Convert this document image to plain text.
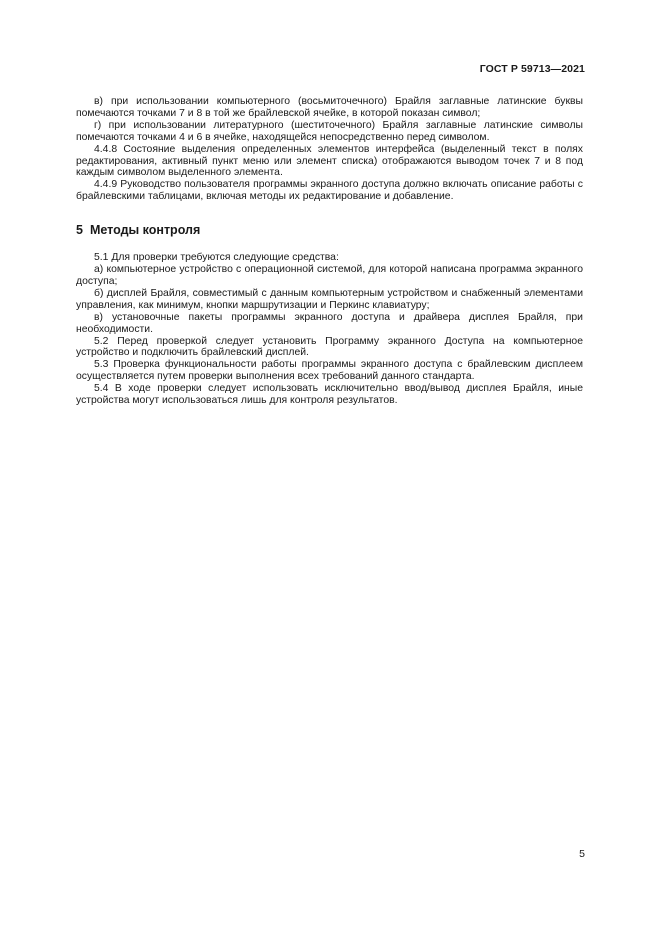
ГОСТ Р 59713—2021

в) при использовании компьютерного (восьмиточечного) Брайля заглавные латинские буквы помечаются точками 7 и 8 в той же брайлевской ячейке, в которой показан символ;

г) при использовании литературного (шеститочечного) Брайля заглавные латинские символы помечаются точками 4 и 6 в ячейке, находящейся непосредственно перед символом.

4.4.8 Состояние выделения определенных элементов интерфейса (выделенный текст в полях редактирования, активный пункт меню или элемент списка) отображаются выводом точек 7 и 8 под каждым символом выделенного элемента.

4.4.9 Руководство пользователя программы экранного доступа должно включать описание работы с брайлевскими таблицами, включая методы их редактирование и добавление.

5 Методы контроля

5.1 Для проверки требуются следующие средства:

а) компьютерное устройство с операционной системой, для которой написана программа экранного доступа;

б) дисплей Брайля, совместимый с данным компьютерным устройством и снабженный элементами управления, как минимум, кнопки маршрутизации и Перкинс клавиатуру;

в) установочные пакеты программы экранного доступа и драйвера дисплея Брайля, при необходимости.

5.2 Перед проверкой следует установить Программу экранного Доступа на компьютерное устройство и подключить брайлевский дисплей.

5.3 Проверка функциональности работы программы экранного доступа с брайлевским дисплеем осуществляется путем проверки выполнения всех требований данного стандарта.

5.4 В ходе проверки следует использовать исключительно ввод/вывод дисплея Брайля, иные устройства могут использоваться лишь для контроля результатов.

5
